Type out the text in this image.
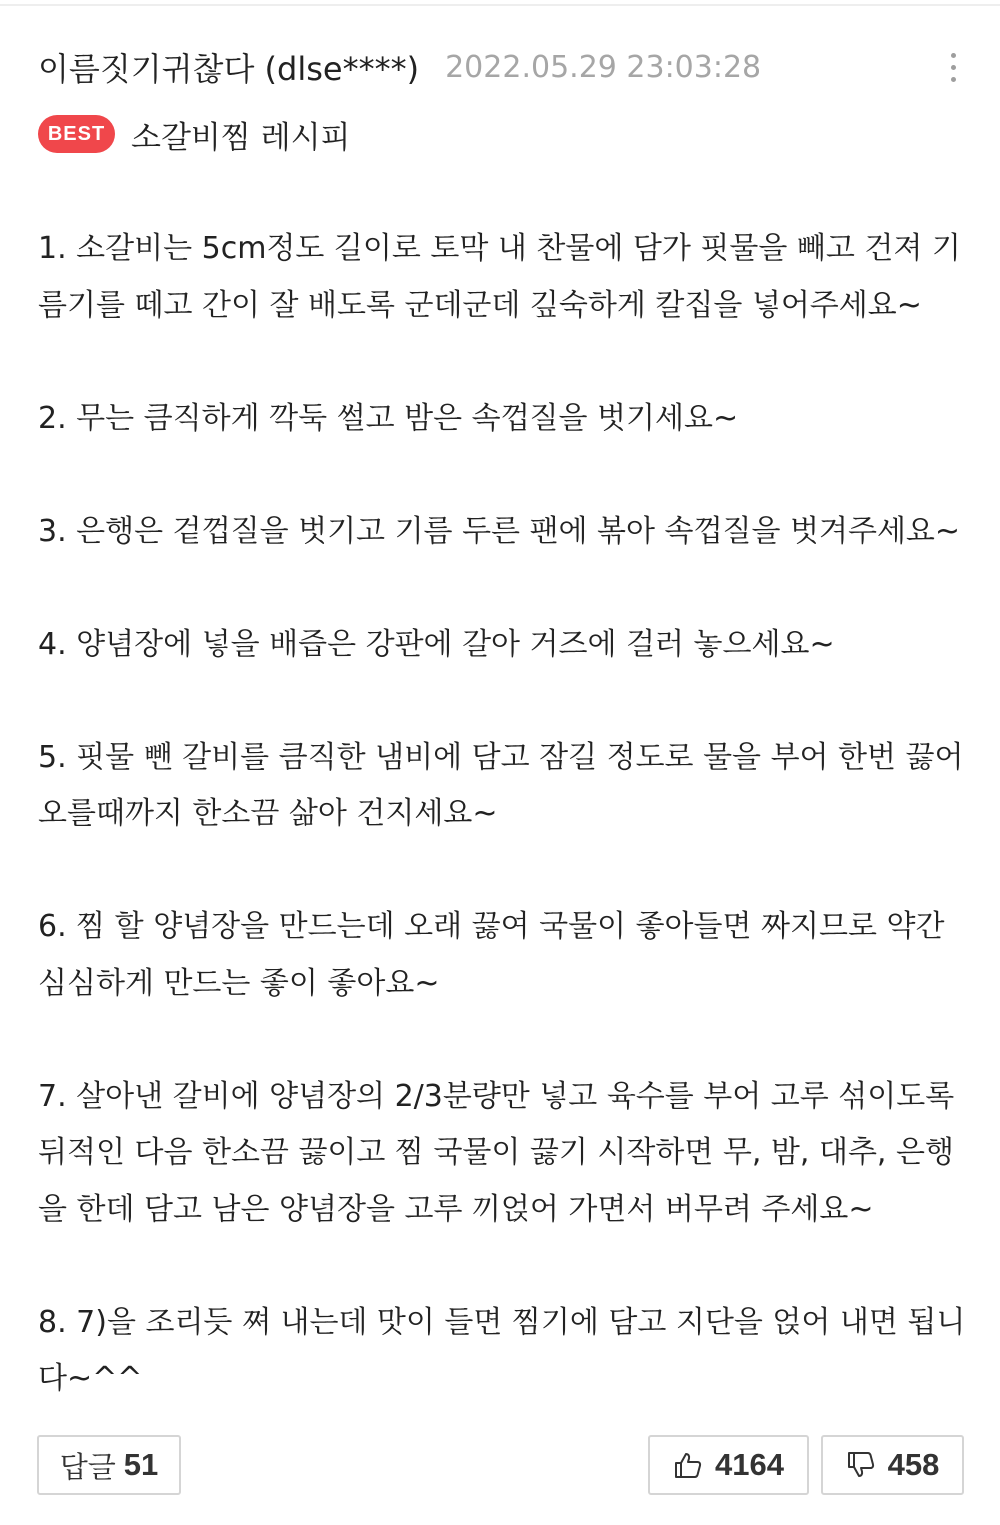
이름짓기귀찮다 (dlse****) 2022.05.29 23:03:28
BEST 소갈비찜 레시피
1. 소갈비는 5cm정도 길이로 토막 내 찬물에 담가 핏물을 빼고 건져 기름기를 떼고 간이 잘 배도록 군데군데 깊숙하게 칼집을 넣어주세요~
2. 무는 큼직하게 깍둑 썰고 밤은 속껍질을 벗기세요~
3. 은행은 겉껍질을 벗기고 기름 두른 팬에 볶아 속껍질을 벗겨주세요~
4. 양념장에 넣을 배즙은 강판에 갈아 거즈에 걸러 놓으세요~
5. 핏물 뺀 갈비를 큼직한 냄비에 담고 잠길 정도로 물을 부어 한번 끓어오를때까지 한소끔 삶아 건지세요~
6. 찜 할 양념장을 만드는데 오래 끓여 국물이 좋아들면 짜지므로 약간 심심하게 만드는 좋이 좋아요~
7. 살아낸 갈비에 양념장의 2/3분량만 넣고 육수를 부어 고루 섞이도록 뒤적인 다음 한소끔 끓이고 찜 국물이 끓기 시작하면 무, 밤, 대추, 은행을 한데 담고 남은 양념장을 고루 끼얹어 가면서 버무려 주세요~
8. 7)을 조리듯 쪄 내는데 맛이 들면 찜기에 담고 지단을 얹어 내면 됩니다~^^
답글 51	4164	458
